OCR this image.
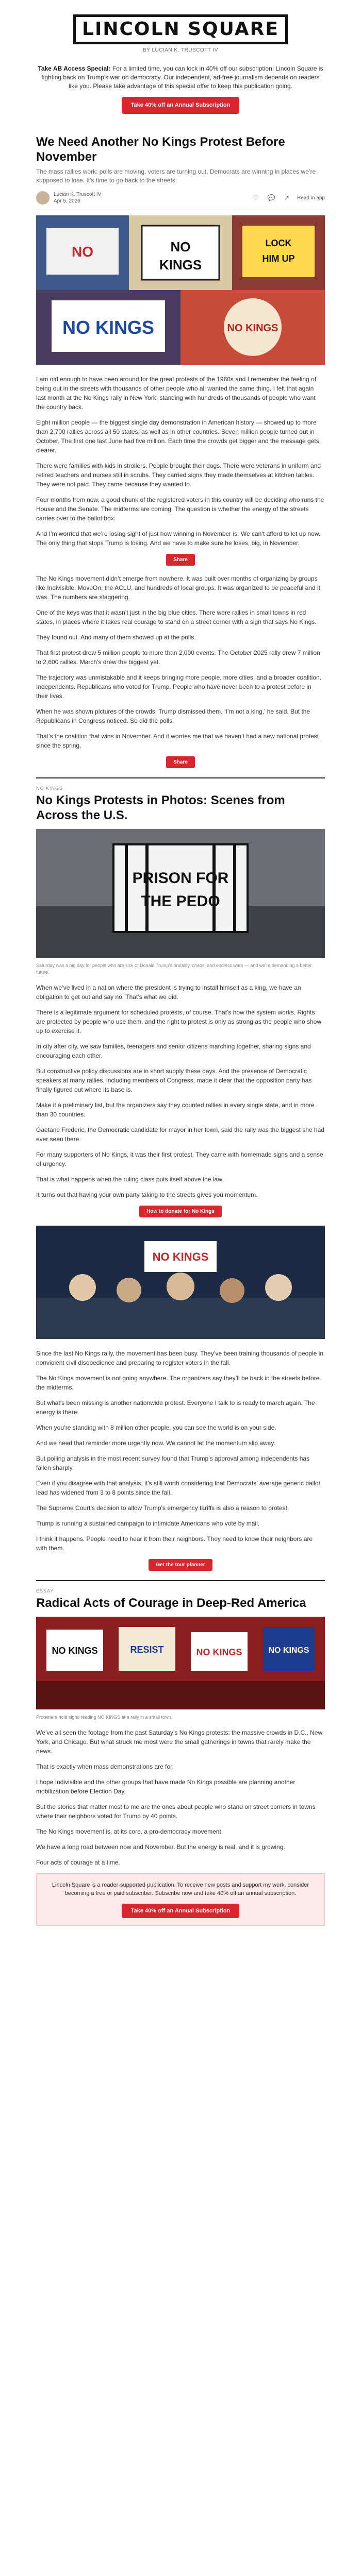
LINCOLN SQUARE
BY LUCIAN K. TRUSCOTT IV

Take AB Access Special: For a limited time, you can lock in 40% off our subscription! Lincoln Square is fighting back on Trump’s war on democracy. Our independent, ad-free journalism depends on readers like you. Please take advantage of this special offer to keep this publication going.

Take 40% off an Annual Subscription
We Need Another No Kings Protest Before November

The mass rallies work: polls are moving, voters are turning out, Democrats are winning in places we’re supposed to lose. It’s time to go back to the streets.

Lucian K. Truscott IV
Apr 5, 2026	♡	💬	↗	Read in app
NO	NO
KINGS
LOCK
HIM UP
NO KINGS	NO KINGS

I am old enough to have been around for the great protests of the 1960s and I remember the feeling of being out in the streets with thousands of other people who all wanted the same thing. I felt that again last month at the No Kings rally in New York, standing with hundreds of thousands of people who want the country back.

Eight million people — the biggest single day demonstration in American history — showed up to more than 2,700 rallies across all 50 states, as well as in other countries. Seven million people turned out in October. The first one last June had five million. Each time the crowds get bigger and the message gets clearer.

There were families with kids in strollers. People brought their dogs. There were veterans in uniform and retired teachers and nurses still in scrubs. They carried signs they made themselves at kitchen tables. They were not paid. They came because they wanted to.

Four months from now, a good chunk of the registered voters in this country will be deciding who runs the House and the Senate. The midterms are coming. The question is whether the energy of the streets carries over to the ballot box.

And I’m worried that we’re losing sight of just how winning in November is. We can’t afford to let up now. The only thing that stops Trump is losing. And we have to make sure he loses, big, in November.

Share

The No Kings movement didn’t emerge from nowhere. It was built over months of organizing by groups like Indivisible, MoveOn, the ACLU, and hundreds of local groups. It was organized to be peaceful and it was. The numbers are staggering.

One of the keys was that it wasn’t just in the big blue cities. There were rallies in small towns in red states, in places where it takes real courage to stand on a street corner with a sign that says No Kings.

They found out. And many of them showed up at the polls.

That first protest drew 5 million people to more than 2,000 events. The October 2025 rally drew 7 million to 2,600 rallies. March’s drew the biggest yet.

The trajectory was unmistakable and it keeps bringing more people, more cities, and a broader coalition. Independents. Republicans who voted for Trump. People who have never been to a protest before in their lives.

When he was shown pictures of the crowds, Trump dismissed them. ‘I’m not a king,’ he said. But the Republicans in Congress noticed. So did the polls.

That’s the coalition that wins in November. And it worries me that we haven’t had a new national protest since the spring.

Share
NO KINGS
No Kings Protests in Photos: Scenes from Across the U.S.
PRISON FOR
THE PEDO

Saturday was a big day for people who are sick of Donald Trump’s brutality, chaos, and endless wars — and we’re demanding a better future.

When we’ve lived in a nation where the president is trying to install himself as a king, we have an obligation to get out and say no. That’s what we did.

There is a legitimate argument for scheduled protests, of course. That’s how the system works. Rights are protected by people who use them, and the right to protest is only as strong as the people who show up to exercise it.

In city after city, we saw families, teenagers and senior citizens marching together, sharing signs and encouraging each other.

But constructive policy discussions are in short supply these days. And the presence of Democratic speakers at many rallies, including members of Congress, made it clear that the opposition party has finally figured out where its base is.

Make it a preliminary list, but the organizers say they counted rallies in every single state, and in more than 30 countries.

Gaetane Frederic, the Democratic candidate for mayor in her town, said the rally was the biggest she had ever seen there.

For many supporters of No Kings, it was their first protest. They came with homemade signs and a sense of urgency.

That is what happens when the ruling class puts itself above the law.

It turns out that having your own party taking to the streets gives you momentum.

How to donate for No Kings
NO KINGS

Since the last No Kings rally, the movement has been busy. They’ve been training thousands of people in nonviolent civil disobedience and preparing to register voters in the fall.

The No Kings movement is not going anywhere. The organizers say they’ll be back in the streets before the midterms.

But what’s been missing is another nationwide protest. Everyone I talk to is ready to march again. The energy is there.

When you’re standing with 8 million other people, you can see the world is on your side.

And we need that reminder more urgently now. We cannot let the momentum slip away.

But polling analysis in the most recent survey found that Trump’s approval among independents has fallen sharply.

Even if you disagree with that analysis, it’s still worth considering that Democrats’ average generic ballot lead has widened from 3 to 8 points since the fall.

The Supreme Court’s decision to allow Trump’s emergency tariffs is also a reason to protest.

Trump is running a sustained campaign to intimidate Americans who vote by mail.

I think it happens. People need to hear it from their neighbors. They need to know their neighbors are with them.

Get the tour planner
ESSAY
Radical Acts of Courage in Deep-Red America
NO KINGS	RESIST	NO KINGS	NO KINGS

Protesters hold signs reading NO KINGS at a rally in a small town.

We’ve all seen the footage from the past Saturday’s No Kings protests: the massive crowds in D.C., New York, and Chicago. But what struck me most were the small gatherings in towns that rarely make the news.

That is exactly when mass demonstrations are for.

I hope Indivisible and the other groups that have made No Kings possible are planning another mobilization before Election Day.

But the stories that matter most to me are the ones about people who stand on street corners in towns where their neighbors voted for Trump by 40 points.

The No Kings movement is, at its core, a pro-democracy movement.

We have a long road between now and November. But the energy is real, and it is growing.

Four acts of courage at a time.

Lincoln Square is a reader-supported publication. To receive new posts and support my work, consider becoming a free or paid subscriber. Subscribe now and take 40% off an annual subscription.

Take 40% off an Annual Subscription
